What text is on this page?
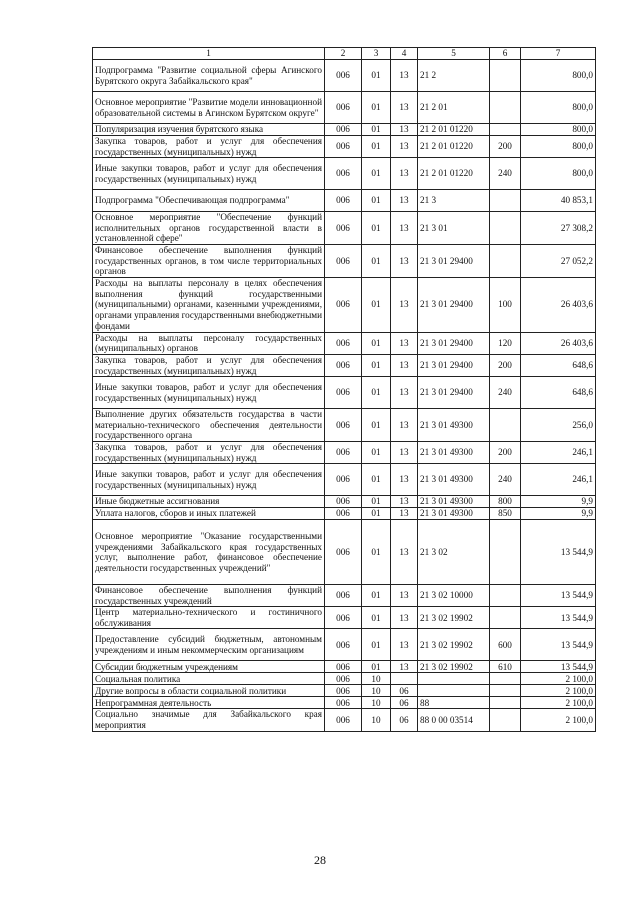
1	2	3	4	5	6	7
Подпрограмма "Развитие социальной сферы Агинского Бурятского округа Забайкальского края"	006	01	13	21 2		800,0
Основное мероприятие "Развитие модели инновационной образовательной системы в Агинском Бурятском округе"	006	01	13	21 2 01		800,0
Популяризация изучения бурятского языка	006	01	13	21 2 01 01220		800,0
Закупка товаров, работ и услуг для обеспечения государственных (муниципальных) нужд	006	01	13	21 2 01 01220	200	800,0
Иные закупки товаров, работ и услуг для обеспечения государственных (муниципальных) нужд	006	01	13	21 2 01 01220	240	800,0
Подпрограмма "Обеспечивающая подпрограмма"	006	01	13	21 3		40 853,1
Основное мероприятие "Обеспечение функций исполнительных органов государственной власти в установленной сфере"	006	01	13	21 3 01		27 308,2
Финансовое обеспечение выполнения функций государственных органов, в том числе территориальных органов	006	01	13	21 3 01 29400		27 052,2
Расходы на выплаты персоналу в целях обеспечения выполнения функций государственными (муниципальными) органами, казенными учреждениями, органами управления государственными внебюджетными фондами	006	01	13	21 3 01 29400	100	26 403,6
Расходы на выплаты персоналу государственных (муниципальных) органов	006	01	13	21 3 01 29400	120	26 403,6
Закупка товаров, работ и услуг для обеспечения государственных (муниципальных) нужд	006	01	13	21 3 01 29400	200	648,6
Иные закупки товаров, работ и услуг для обеспечения государственных (муниципальных) нужд	006	01	13	21 3 01 29400	240	648,6
Выполнение других обязательств государства в части материально-технического обеспечения деятельности государственного органа	006	01	13	21 3 01 49300		256,0
Закупка товаров, работ и услуг для обеспечения государственных (муниципальных) нужд	006	01	13	21 3 01 49300	200	246,1
Иные закупки товаров, работ и услуг для обеспечения государственных (муниципальных) нужд	006	01	13	21 3 01 49300	240	246,1
Иные бюджетные ассигнования	006	01	13	21 3 01 49300	800	9,9
Уплата налогов, сборов и иных платежей	006	01	13	21 3 01 49300	850	9,9
Основное мероприятие "Оказание государственными учреждениями Забайкальского края государственных услуг, выполнение работ, финансовое обеспечение деятельности государственных учреждений"	006	01	13	21 3 02		13 544,9
Финансовое обеспечение выполнения функций государственных учреждений	006	01	13	21 3 02 10000		13 544,9
Центр материально-технического и гостиничного обслуживания	006	01	13	21 3 02 19902		13 544,9
Предоставление субсидий бюджетным, автономным учреждениям и иным некоммерческим организациям	006	01	13	21 3 02 19902	600	13 544,9
Субсидии бюджетным учреждениям	006	01	13	21 3 02 19902	610	13 544,9
Социальная политика	006	10				2 100,0
Другие вопросы в области социальной политики	006	10	06			2 100,0
Непрограммная деятельность	006	10	06	88		2 100,0
Социально значимые для Забайкальского края мероприятия	006	10	06	88 0 00 03514		2 100,0
28
